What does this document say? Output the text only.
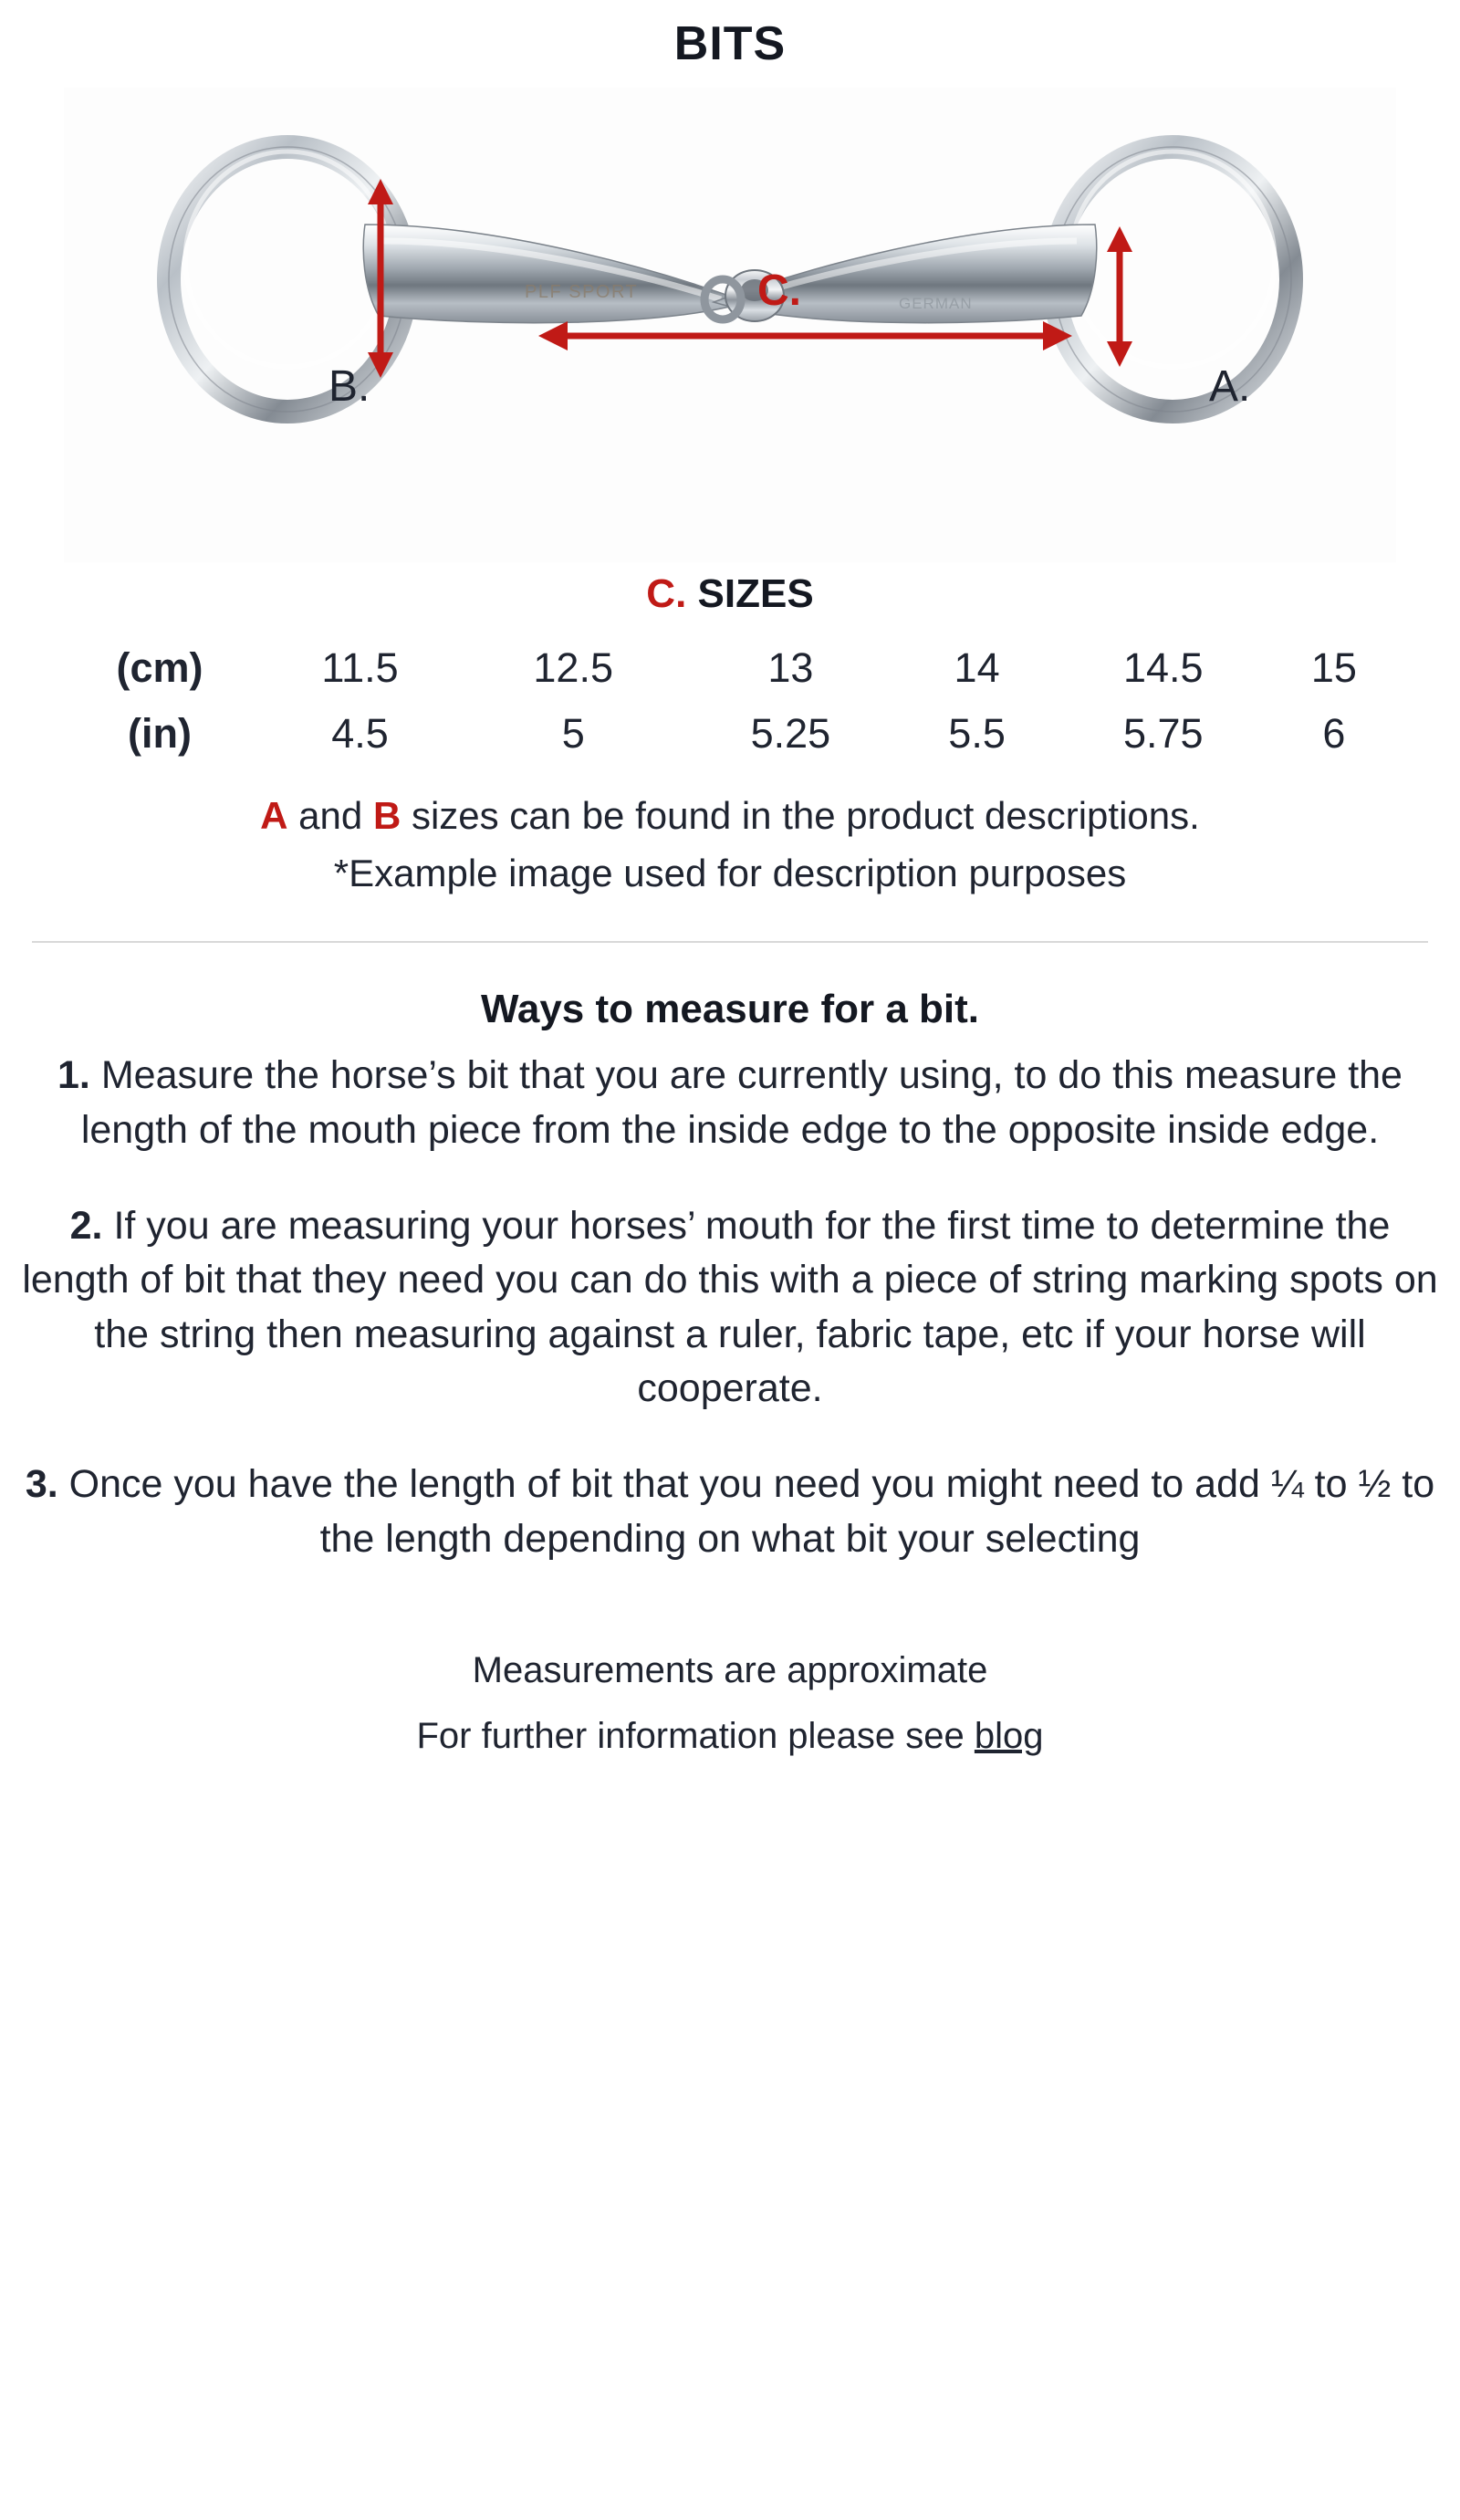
BITS
PLF SPORT
GERMAN
B.	A.
C.
C. SIZES
(cm)	11.5	12.5	13	14	14.5	15
(in)	4.5	5	5.25	5.5	5.75	6
A and B sizes can be found in the product descriptions.
*Example image used for description purposes
Ways to measure for a bit.
1. Measure the horse’s bit that you are currently using, to do this measure the length of the mouth piece from the inside edge to the opposite inside edge.
2. If you are measuring your horses’ mouth for the first time to determine the length of bit that they need you can do this with a piece of string marking spots on the string then measuring against a ruler, fabric tape, etc if your horse will cooperate.
3. Once you have the length of bit that you need you might need to add ¼ to ½ to the length depending on what bit your selecting
Measurements are approximate
For further information please see blog
